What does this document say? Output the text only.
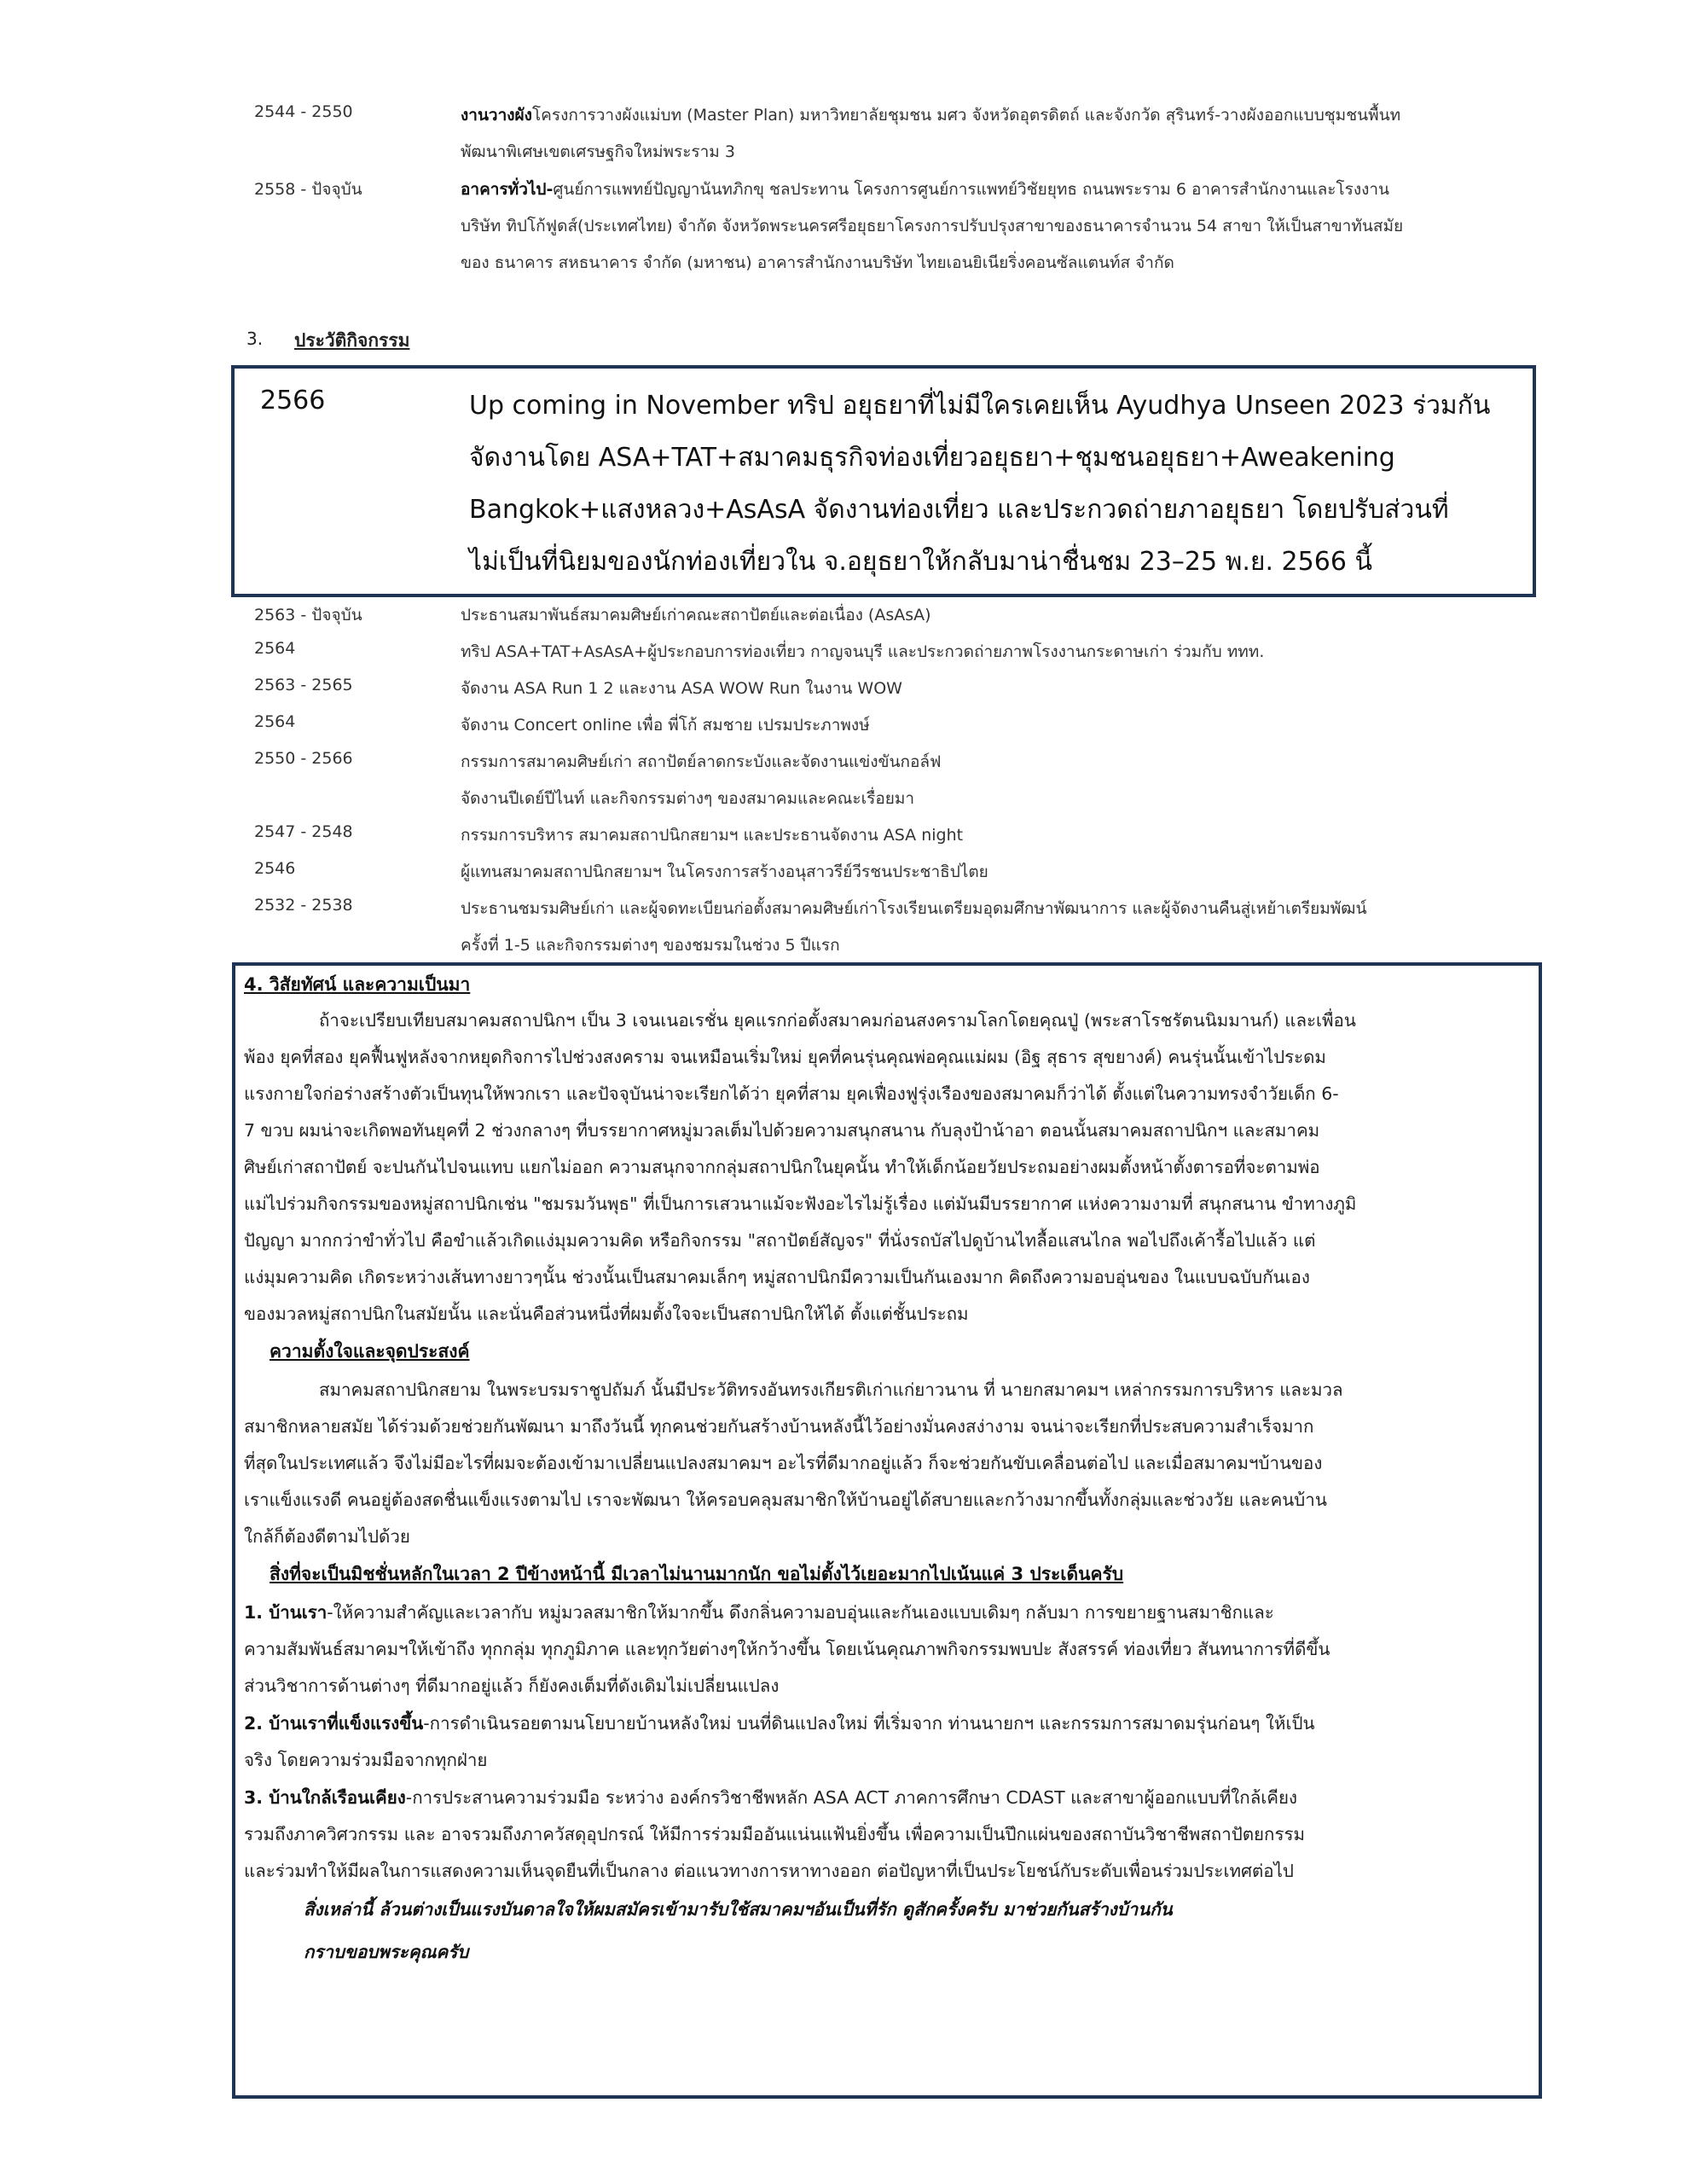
2544 - 2550	งานวางผังโครงการวางผังแม่บท (Master Plan) มหาวิทยาลัยชุมชน มศว จังหวัดอุตรดิตถ์ และจังกวัด สุรินทร์-วางผังออกแบบชุมชนพื้นท
พัฒนาพิเศษเขตเศรษฐกิจใหม่พระราม 3
2558 - ปัจจุบัน	อาคารทั่วไป-ศูนย์การแพทย์ปัญญานันทภิกขุ ชลประทาน โครงการศูนย์การแพทย์วิชัยยุทธ ถนนพระราม 6 อาคารสำนักงานและโรงงาน
บริษัท ทิปโก้ฟูดส์(ประเทศไทย) จำกัด จังหวัดพระนครศรีอยุธยาโครงการปรับปรุงสาขาของธนาคารจำนวน 54 สาขา ให้เป็นสาขาทันสมัย
ของ ธนาคาร สหธนาคาร จำกัด (มหาชน) อาคารสำนักงานบริษัท ไทยเอนยิเนียริ่งคอนซัลแตนท์ส จำกัด
3. ประวัติกิจกรรม
2566	Up coming in November ทริป อยุธยาที่ไม่มีใครเคยเห็น Ayudhya Unseen 2023 ร่วมกัน
จัดงานโดย ASA+TAT+สมาคมธุรกิจท่องเที่ยวอยุธยา+ชุมชนอยุธยา+Aweakening
Bangkok+แสงหลวง+AsAsA จัดงานท่องเที่ยว และประกวดถ่ายภาอยุธยา โดยปรับส่วนที่
ไม่เป็นที่นิยมของนักท่องเที่ยวใน จ.อยุธยาให้กลับมาน่าชื่นชม 23–25 พ.ย. 2566 นี้
2563 - ปัจจุบัน	ประธานสมาพันธ์สมาคมศิษย์เก่าคณะสถาปัตย์และต่อเนื่อง (AsAsA)
2564	ทริป ASA+TAT+AsAsA+ผู้ประกอบการท่องเที่ยว กาญจนบุรี และประกวดถ่ายภาพโรงงานกระดาษเก่า ร่วมกับ ททท.
2563 - 2565	จัดงาน ASA Run 1 2 และงาน ASA WOW Run ในงาน WOW
2564	จัดงาน Concert online เพื่อ พี่โก้ สมชาย เปรมประภาพงษ์
2550 - 2566	กรรมการสมาคมศิษย์เก่า สถาปัตย์ลาดกระบังและจัดงานแข่งขันกอล์ฟ
จัดงานปีเดย์ปีไนท์ และกิจกรรมต่างๆ ของสมาคมและคณะเรื่อยมา
2547 - 2548	กรรมการบริหาร สมาคมสถาปนิกสยามฯ และประธานจัดงาน ASA night
2546	ผู้แทนสมาคมสถาปนิกสยามฯ ในโครงการสร้างอนุสาวรีย์วีรชนประชาธิปไตย
2532 - 2538	ประธานชมรมศิษย์เก่า และผู้จดทะเบียนก่อตั้งสมาคมศิษย์เก่าโรงเรียนเตรียมอุดมศึกษาพัฒนาการ และผู้จัดงานคืนสู่เหย้าเตรียมพัฒน์
ครั้งที่ 1-5 และกิจกรรมต่างๆ ของชมรมในช่วง 5 ปีแรก
4. วิสัยทัศน์ และความเป็นมา
ถ้าจะเปรียบเทียบสมาคมสถาปนิกฯ เป็น 3 เจนเนอเรชั่น ยุคแรกก่อตั้งสมาคมก่อนสงครามโลกโดยคุณปู่ (พระสาโรชรัตนนิมมานก์) และเพื่อน
พ้อง ยุคที่สอง ยุคฟื้นฟูหลังจากหยุดกิจการไปช่วงสงคราม จนเหมือนเริ่มใหม่ ยุคที่คนรุ่นคุณพ่อคุณแม่ผม (อิฐ สุธาร สุขยางค์) คนรุ่นนั้นเข้าไประดม
แรงกายใจก่อร่างสร้างตัวเป็นทุนให้พวกเรา และปัจจุบันน่าจะเรียกได้ว่า ยุคที่สาม ยุคเฟื่องฟูรุ่งเรืองของสมาคมก็ว่าได้ ตั้งแต่ในความทรงจำวัยเด็ก 6-
7 ขวบ ผมน่าจะเกิดพอทันยุคที่ 2 ช่วงกลางๆ ที่บรรยากาศหมู่มวลเต็มไปด้วยความสนุกสนาน กับลุงป้าน้าอา ตอนนั้นสมาคมสถาปนิกฯ และสมาคม
ศิษย์เก่าสถาปัตย์ จะปนกันไปจนแทบ แยกไม่ออก ความสนุกจากกลุ่มสถาปนิกในยุคนั้น ทำให้เด็กน้อยวัยประถมอย่างผมตั้งหน้าตั้งตารอที่จะตามพ่อ
แม่ไปร่วมกิจกรรมของหมู่สถาปนิกเช่น "ชมรมวันพุธ" ที่เป็นการเสวนาแม้จะฟังอะไรไม่รู้เรื่อง แต่มันมีบรรยากาศ แห่งความงามที่ สนุกสนาน ขำทางภูมิ
ปัญญา มากกว่าขำทั่วไป คือขำแล้วเกิดแง่มุมความคิด หรือกิจกรรม "สถาปัตย์สัญจร" ที่นั่งรถบัสไปดูบ้านไทลื้อแสนไกล พอไปถึงเค้ารื้อไปแล้ว แต่
แง่มุมความคิด เกิดระหว่างเส้นทางยาวๆนั้น ช่วงนั้นเป็นสมาคมเล็กๆ หมู่สถาปนิกมีความเป็นกันเองมาก คิดถึงความอบอุ่นของ ในแบบฉบับกันเอง
ของมวลหมู่สถาปนิกในสมัยนั้น และนั่นคือส่วนหนึ่งที่ผมตั้งใจจะเป็นสถาปนิกให้ได้ ตั้งแต่ชั้นประถม
ความตั้งใจและจุดประสงค์
สมาคมสถาปนิกสยาม ในพระบรมราชูปถัมภ์ นั้นมีประวัติทรงอันทรงเกียรติเก่าแก่ยาวนาน ที่ นายกสมาคมฯ เหล่ากรรมการบริหาร และมวล
สมาชิกหลายสมัย ได้ร่วมด้วยช่วยกันพัฒนา มาถึงวันนี้ ทุกคนช่วยกันสร้างบ้านหลังนี้ไว้อย่างมั่นคงสง่างาม จนน่าจะเรียกที่ประสบความสำเร็จมาก
ที่สุดในประเทศแล้ว จึงไม่มีอะไรที่ผมจะต้องเข้ามาเปลี่ยนแปลงสมาคมฯ อะไรที่ดีมากอยู่แล้ว ก็จะช่วยกันขับเคลื่อนต่อไป และเมื่อสมาคมฯบ้านของ
เราแข็งแรงดี คนอยู่ต้องสดชื่นแข็งแรงตามไป เราจะพัฒนา ให้ครอบคลุมสมาชิกให้บ้านอยู่ได้สบายและกว้างมากขึ้นทั้งกลุ่มและช่วงวัย และคนบ้าน
ใกล้ก็ต้องดีตามไปด้วย
สิ่งที่จะเป็นมิชชั่นหลักในเวลา 2 ปีข้างหน้านี้ มีเวลาไม่นานมากนัก ขอไม่ตั้งไว้เยอะมากไปเน้นแค่ 3 ประเด็นครับ
1. บ้านเรา-ให้ความสำคัญและเวลากับ หมู่มวลสมาชิกให้มากขึ้น ดึงกลิ่นความอบอุ่นและกันเองแบบเดิมๆ กลับมา การขยายฐานสมาชิกและ
ความสัมพันธ์สมาคมฯให้เข้าถึง ทุกกลุ่ม ทุกภูมิภาค และทุกวัยต่างๆให้กว้างขึ้น โดยเน้นคุณภาพกิจกรรมพบปะ สังสรรค์ ท่องเที่ยว สันทนาการที่ดีขึ้น
ส่วนวิชาการด้านต่างๆ ที่ดีมากอยู่แล้ว ก็ยังคงเต็มที่ดังเดิมไม่เปลี่ยนแปลง
2. บ้านเราที่แข็งแรงขึ้น-การดำเนินรอยตามนโยบายบ้านหลังใหม่ บนที่ดินแปลงใหม่ ที่เริ่มจาก ท่านนายกฯ และกรรมการสมาดมรุ่นก่อนๆ ให้เป็น
จริง โดยความร่วมมือจากทุกฝ่าย
3. บ้านใกล้เรือนเคียง-การประสานความร่วมมือ ระหว่าง องค์กรวิชาชีพหลัก ASA ACT ภาคการศึกษา CDAST และสาขาผู้ออกแบบที่ใกล้เคียง
รวมถึงภาควิศวกรรม และ อาจรวมถึงภาควัสดุอุปกรณ์ ให้มีการร่วมมืออันแน่นแฟ้นยิ่งขึ้น เพื่อความเป็นปึกแผ่นของสถาบันวิชาชีพสถาปัตยกรรม
และร่วมทำให้มีผลในการแสดงความเห็นจุดยืนที่เป็นกลาง ต่อแนวทางการหาทางออก ต่อปัญหาที่เป็นประโยชน์กับระดับเพื่อนร่วมประเทศต่อไป
สิ่งเหล่านี้ ล้วนต่างเป็นแรงบันดาลใจให้ผมสมัครเข้ามารับใช้สมาคมฯอันเป็นที่รัก ดูสักครั้งครับ มาช่วยกันสร้างบ้านกัน
กราบขอบพระคุณครับ
